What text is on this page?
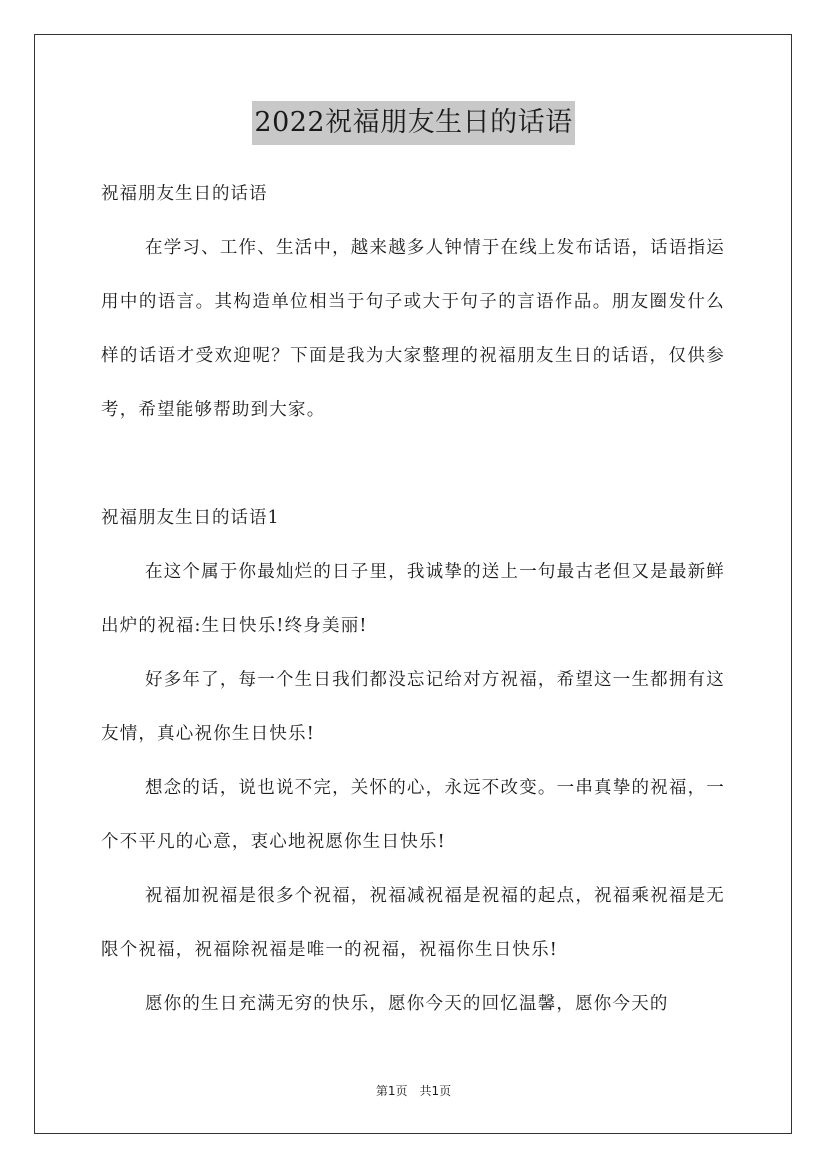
2022祝福朋友生日的话语

祝福朋友生日的话语

在学习、工作、生活中，越来越多人钟情于在线上发布话语，话语指运用中的语言。其构造单位相当于句子或大于句子的言语作品。朋友圈发什么样的话语才受欢迎呢？下面是我为大家整理的祝福朋友生日的话语，仅供参考，希望能够帮助到大家。

祝福朋友生日的话语1

在这个属于你最灿烂的日子里，我诚挚的送上一句最古老但又是最新鲜出炉的祝福:生日快乐!终身美丽!

好多年了，每一个生日我们都没忘记给对方祝福，希望这一生都拥有这友情，真心祝你生日快乐!

想念的话，说也说不完，关怀的心，永远不改变。一串真挚的祝福，一个不平凡的心意，衷心地祝愿你生日快乐!

祝福加祝福是很多个祝福，祝福减祝福是祝福的起点，祝福乘祝福是无限个祝福，祝福除祝福是唯一的祝福，祝福你生日快乐!

愿你的生日充满无穷的快乐，愿你今天的回忆温馨，愿你今天的

第1页　共1页
